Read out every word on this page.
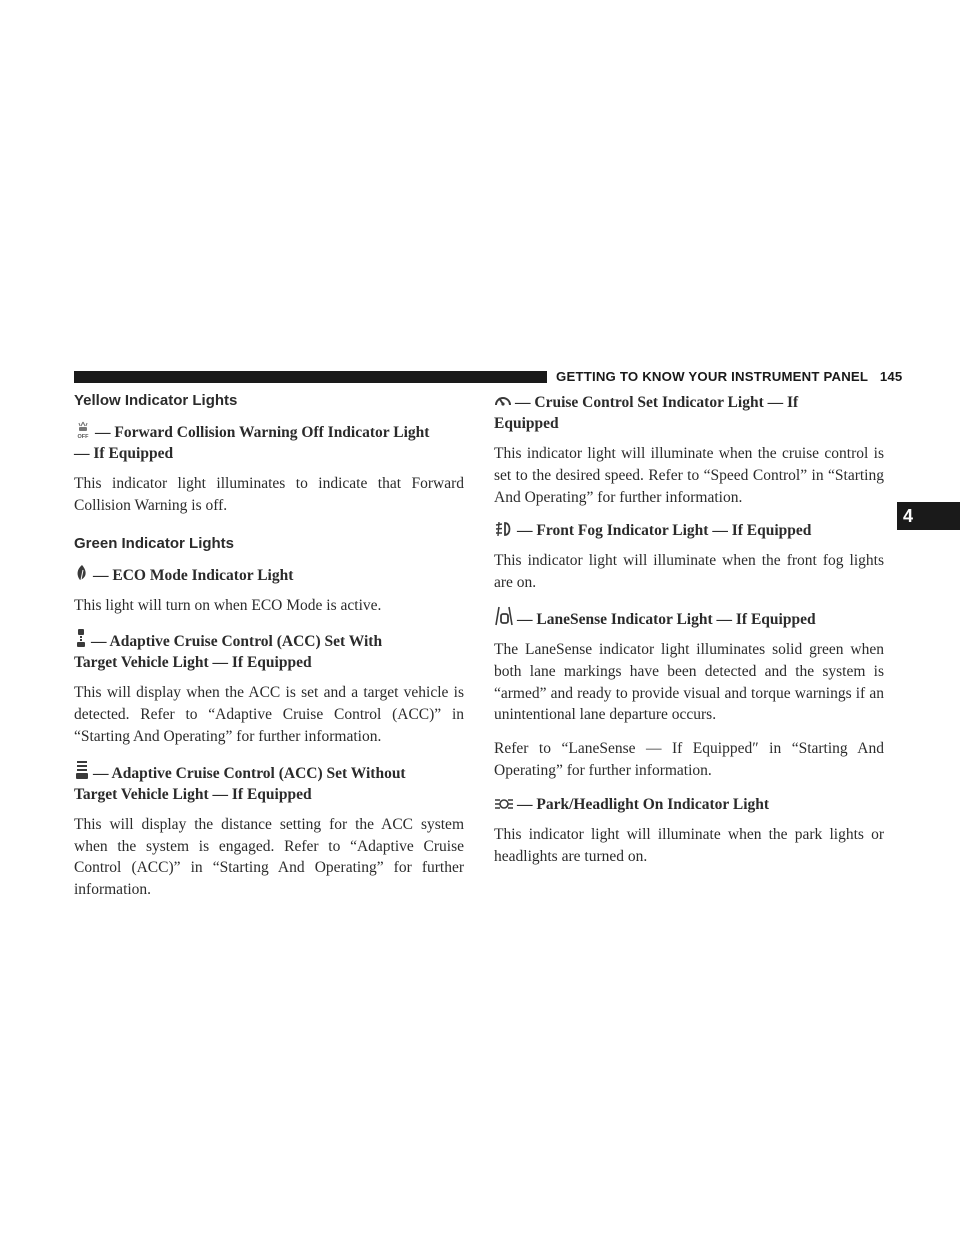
GETTING TO KNOW YOUR INSTRUMENT PANEL 145
4
Yellow Indicator Lights
OFF — Forward Collision Warning Off Indicator Light
— If Equipped
This indicator light illuminates to indicate that Forward Collision Warning is off.
Green Indicator Lights
— ECO Mode Indicator Light
This light will turn on when ECO Mode is active.
— Adaptive Cruise Control (ACC) Set With
Target Vehicle Light — If Equipped
This will display when the ACC is set and a target vehicle is detected. Refer to “Adaptive Cruise Control (ACC)” in “Starting And Operating” for further information.
— Adaptive Cruise Control (ACC) Set Without
Target Vehicle Light — If Equipped
This will display the distance setting for the ACC system when the system is engaged. Refer to “Adaptive Cruise Control (ACC)” in “Starting And Operating” for further information.
— Cruise Control Set Indicator Light — If
Equipped
This indicator light will illuminate when the cruise control is set to the desired speed. Refer to “Speed Control” in “Starting And Operating” for further information.
— Front Fog Indicator Light — If Equipped
This indicator light will illuminate when the front fog lights are on.
— LaneSense Indicator Light — If Equipped
The LaneSense indicator light illuminates solid green when both lane markings have been detected and the system is “armed” and ready to provide visual and torque warnings if an unintentional lane departure occurs.
Refer to “LaneSense — If Equipped″ in “Starting And Operating” for further information.
— Park/Headlight On Indicator Light
This indicator light will illuminate when the park lights or headlights are turned on.
